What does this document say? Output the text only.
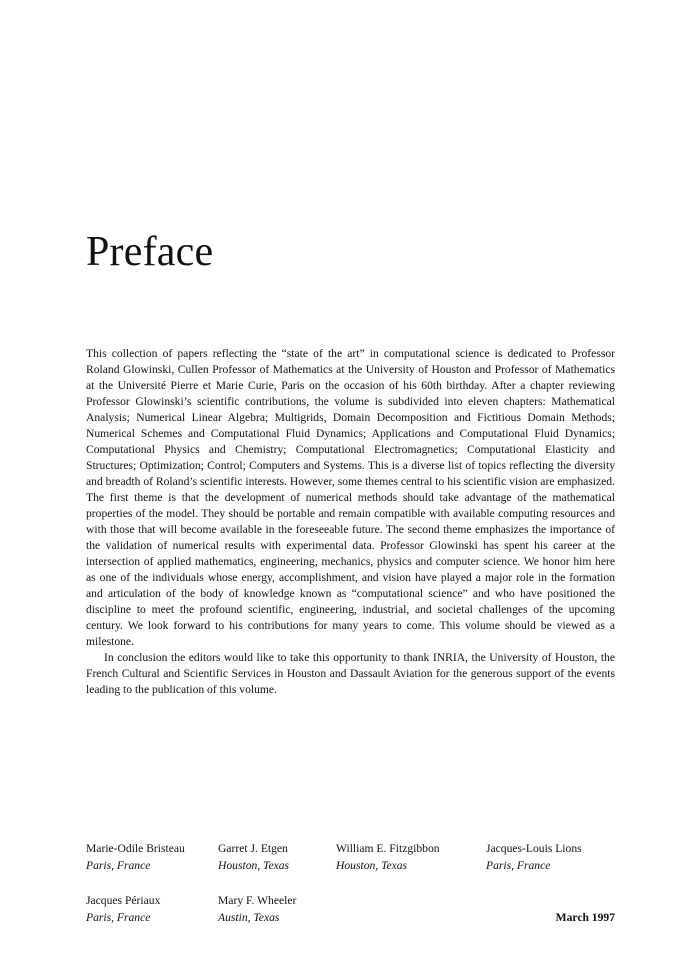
Preface

This collection of papers reflecting the “state of the art” in computational science is dedicated to Professor Roland Glowinski, Cullen Professor of Mathematics at the University of Houston and Professor of Mathematics at the Université Pierre et Marie Curie, Paris on the occasion of his 60th birthday. After a chapter reviewing Professor Glowinski’s scientific contributions, the volume is subdivided into eleven chapters: Mathematical Analysis; Numerical Linear Algebra; Multigrids, Domain Decomposition and Fictitious Domain Methods; Numerical Schemes and Computational Fluid Dynamics; Applications and Computational Fluid Dynamics; Computational Physics and Chemistry; Computational Electromagnetics; Computational Elasticity and Structures; Optimization; Control; Computers and Systems. This is a diverse list of topics reflecting the diversity and breadth of Roland’s scientific interests. However, some themes central to his scientific vision are emphasized. The first theme is that the development of numerical methods should take advantage of the mathematical properties of the model. They should be portable and remain compatible with available computing resources and with those that will become available in the foreseeable future. The second theme emphasizes the importance of the validation of numerical results with experimental data. Professor Glowinski has spent his career at the intersection of applied mathematics, engineering, mechanics, physics and computer science. We honor him here as one of the individuals whose energy, accomplishment, and vision have played a major role in the formation and articulation of the body of knowledge known as “computational science” and who have positioned the discipline to meet the profound scientific, engineering, industrial, and societal challenges of the upcoming century. We look forward to his contributions for many years to come. This volume should be viewed as a milestone.

In conclusion the editors would like to take this opportunity to thank INRIA, the University of Houston, the French Cultural and Scientific Services in Houston and Dassault Aviation for the generous support of the events leading to the publication of this volume.

Marie-Odile Bristeau
Paris, France
Garret J. Etgen
Houston, Texas
William E. Fitzgibbon
Houston, Texas
Jacques-Louis Lions
Paris, France
Jacques Périaux
Paris, France
Mary F. Wheeler
Austin, Texas	March 1997
